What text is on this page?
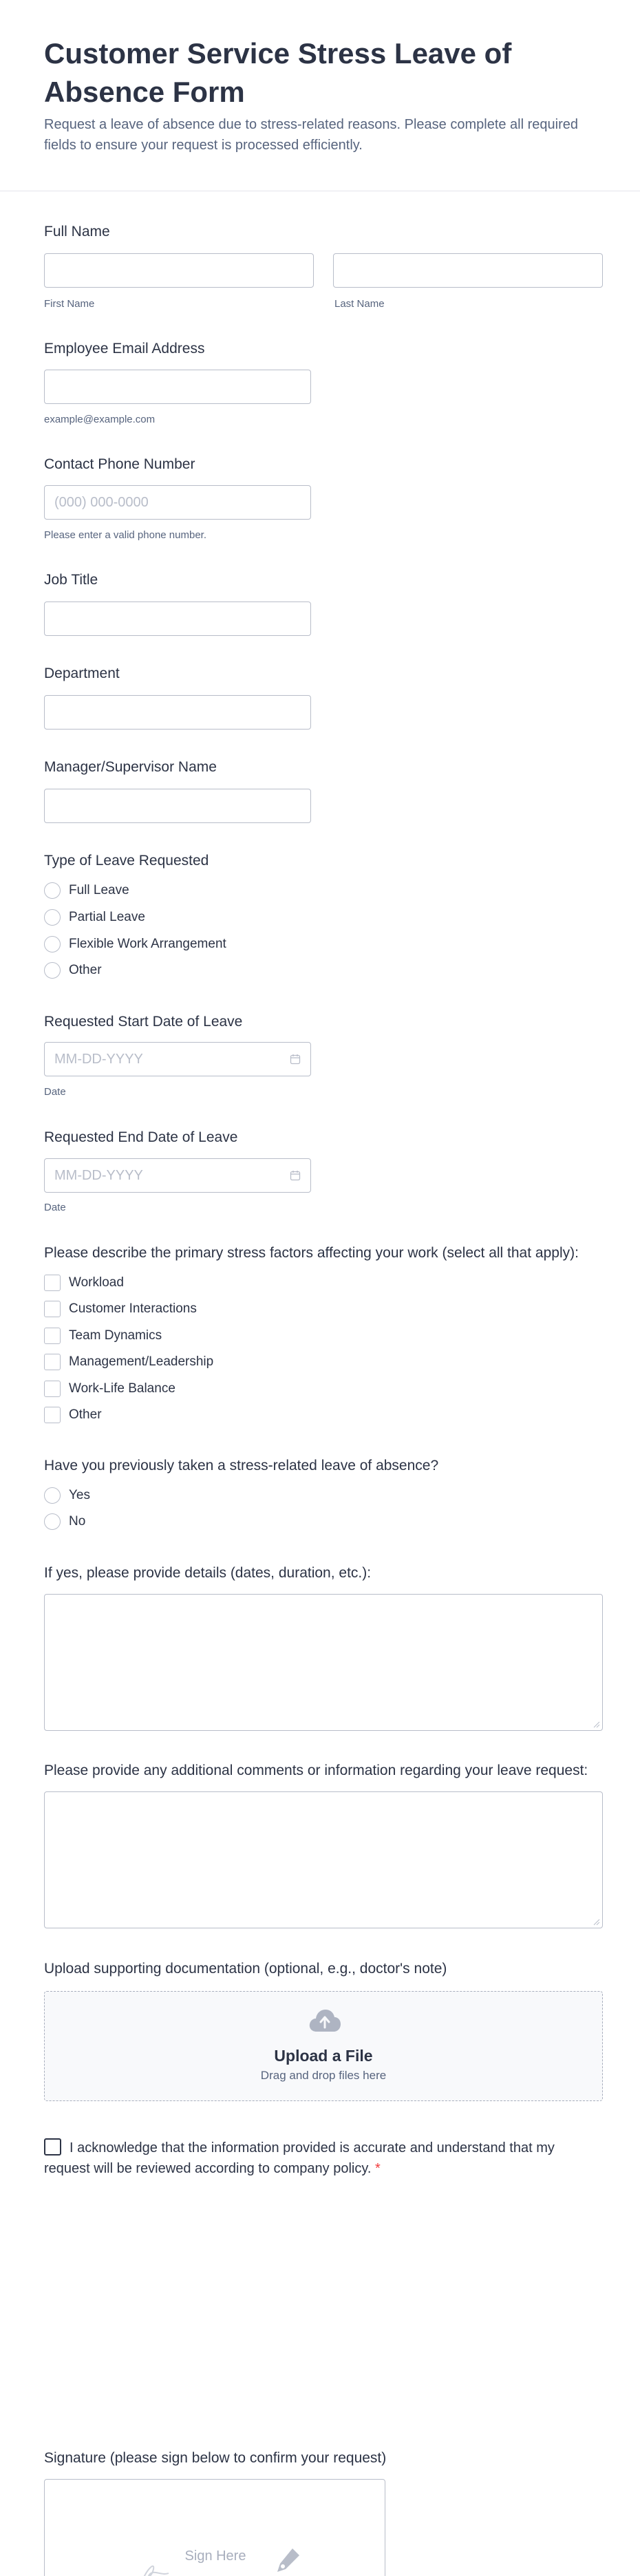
Customer Service Stress Leave of Absence Form

Request a leave of absence due to stress-related reasons. Please complete all required fields to ensure your request is processed efficiently.

Full Name
First Name	Last Name
Employee Email Address
example@example.com
Contact Phone Number
(000) 000-0000
Please enter a valid phone number.
Job Title
Department
Manager/Supervisor Name
Type of Leave Requested
Full Leave
Partial Leave
Flexible Work Arrangement
Other
Requested Start Date of Leave
MM-DD-YYYY
Date
Requested End Date of Leave
MM-DD-YYYY
Date
Please describe the primary stress factors affecting your work (select all that apply):
Workload
Customer Interactions
Team Dynamics
Management/Leadership
Work-Life Balance
Other
Have you previously taken a stress-related leave of absence?
Yes
No
If yes, please provide details (dates, duration, etc.):
Please provide any additional comments or information regarding your leave request:
Upload supporting documentation (optional, e.g., doctor's note)
Upload a File
Drag and drop files here
I acknowledge that the information provided is accurate and understand that my request will be reviewed according to company policy. *
Signature (please sign below to confirm your request)
Sign Here
